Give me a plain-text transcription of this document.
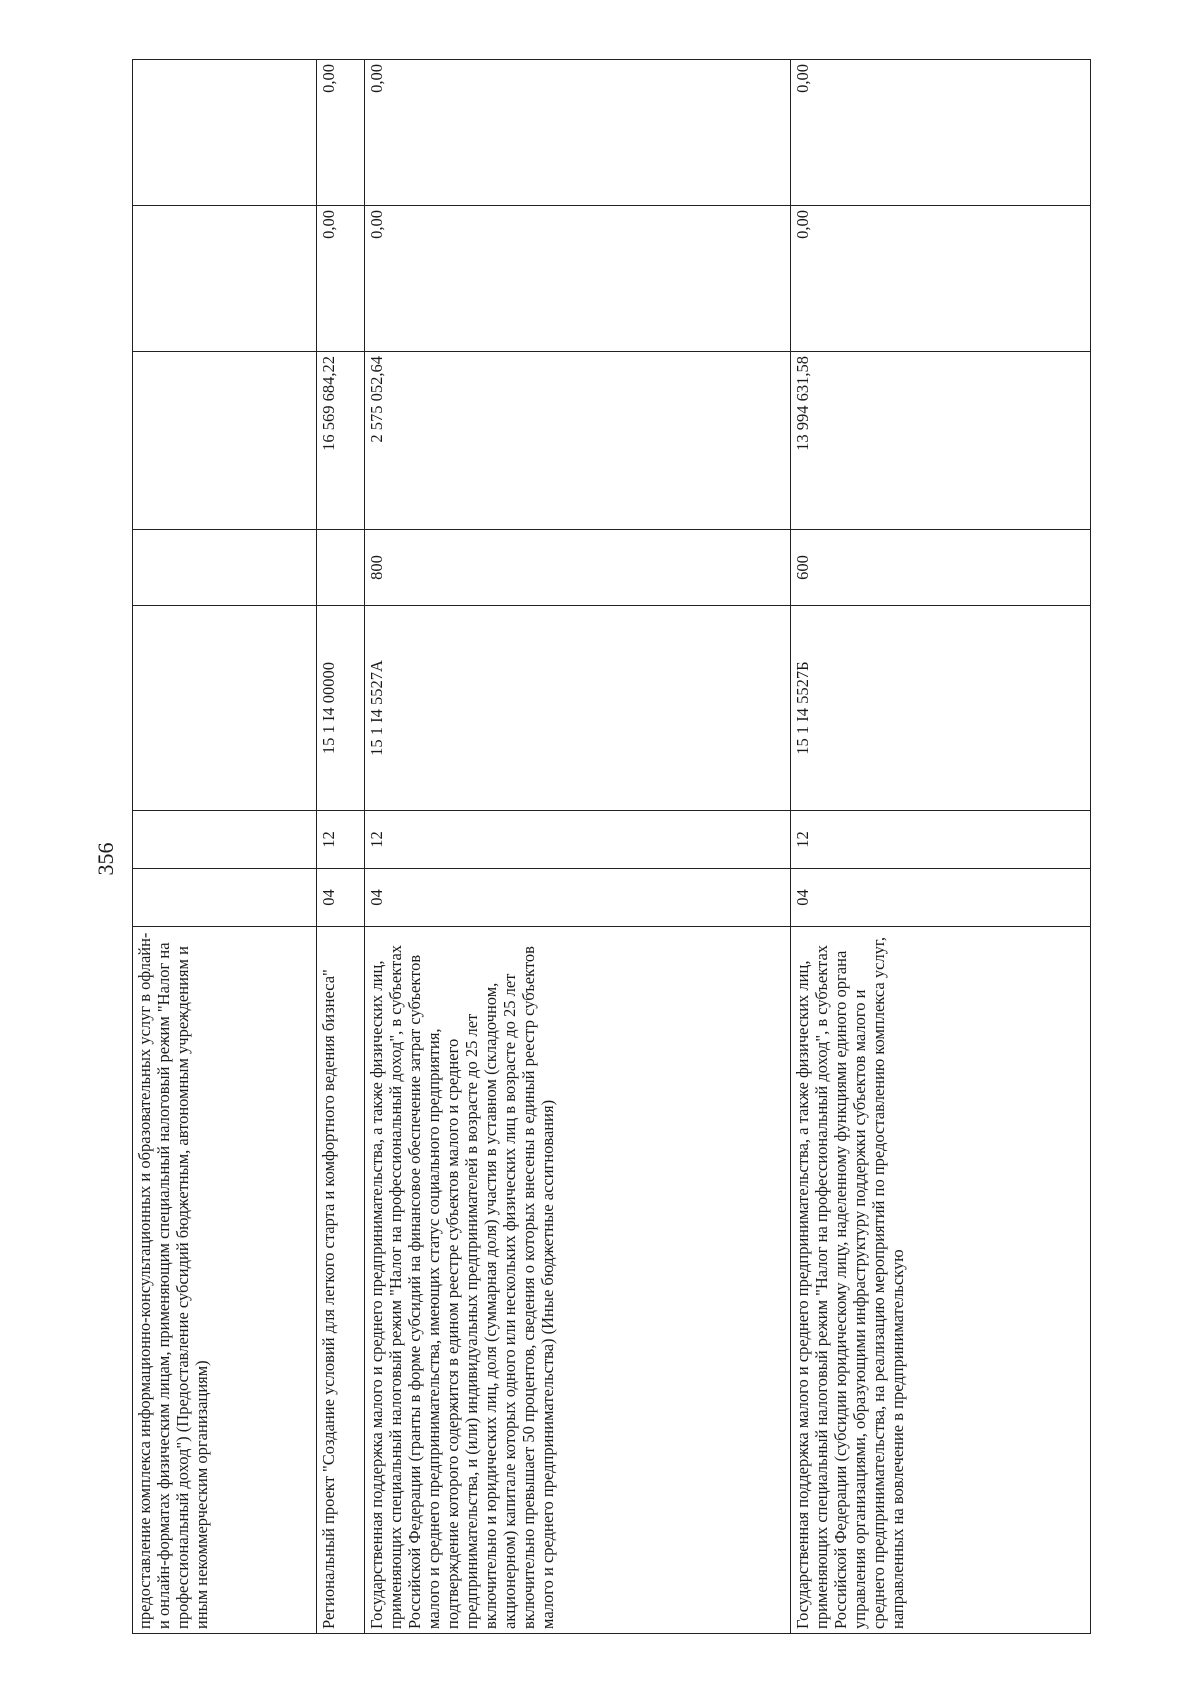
356
предоставление комплекса информационно-консультационных и образовательных услуг в офлайн- и онлайн-форматах физическим лицам, применяющим специальный налоговый режим "Налог на профессиональный доход") (Предоставление субсидий бюджетным, автономным учреждениям и иным некоммерческим организациям)							
Региональный проект "Создание условий для легкого старта и комфортного ведения бизнеса"	04	12	15 1 I4 00000		16 569 684,22	0,00	0,00
Государственная поддержка малого и среднего предпринимательства, а также физических лиц, применяющих специальный налоговый режим "Налог на профессиональный доход", в субъектах Российской Федерации (гранты в форме субсидий на финансовое обеспечение затрат субъектов малого и среднего предпринимательства, имеющих статус социального предприятия, подтверждение которого содержится в едином реестре субъектов малого и среднего предпринимательства, и (или) индивидуальных предпринимателей в возрасте до 25 лет включительно и юридических лиц, доля (суммарная доля) участия в уставном (складочном, акционерном) капитале которых одного или нескольких физических лиц в возрасте до 25 лет включительно превышает 50 процентов, сведения о которых внесены в единый реестр субъектов малого и среднего предпринимательства) (Иные бюджетные ассигнования)	04	12	15 1 I4 5527А	800	2 575 052,64	0,00	0,00
Государственная поддержка малого и среднего предпринимательства, а также физических лиц, применяющих специальный налоговый режим "Налог на профессиональный доход", в субъектах Российской Федерации (субсидии юридическому лицу, наделенному функциями единого органа управления организациями, образующими инфраструктуру поддержки субъектов малого и среднего предпринимательства, на реализацию мероприятий по предоставлению комплекса услуг, направленных на вовлечение в предпринимательскую	04	12	15 1 I4 5527Б	600	13 994 631,58	0,00	0,00
